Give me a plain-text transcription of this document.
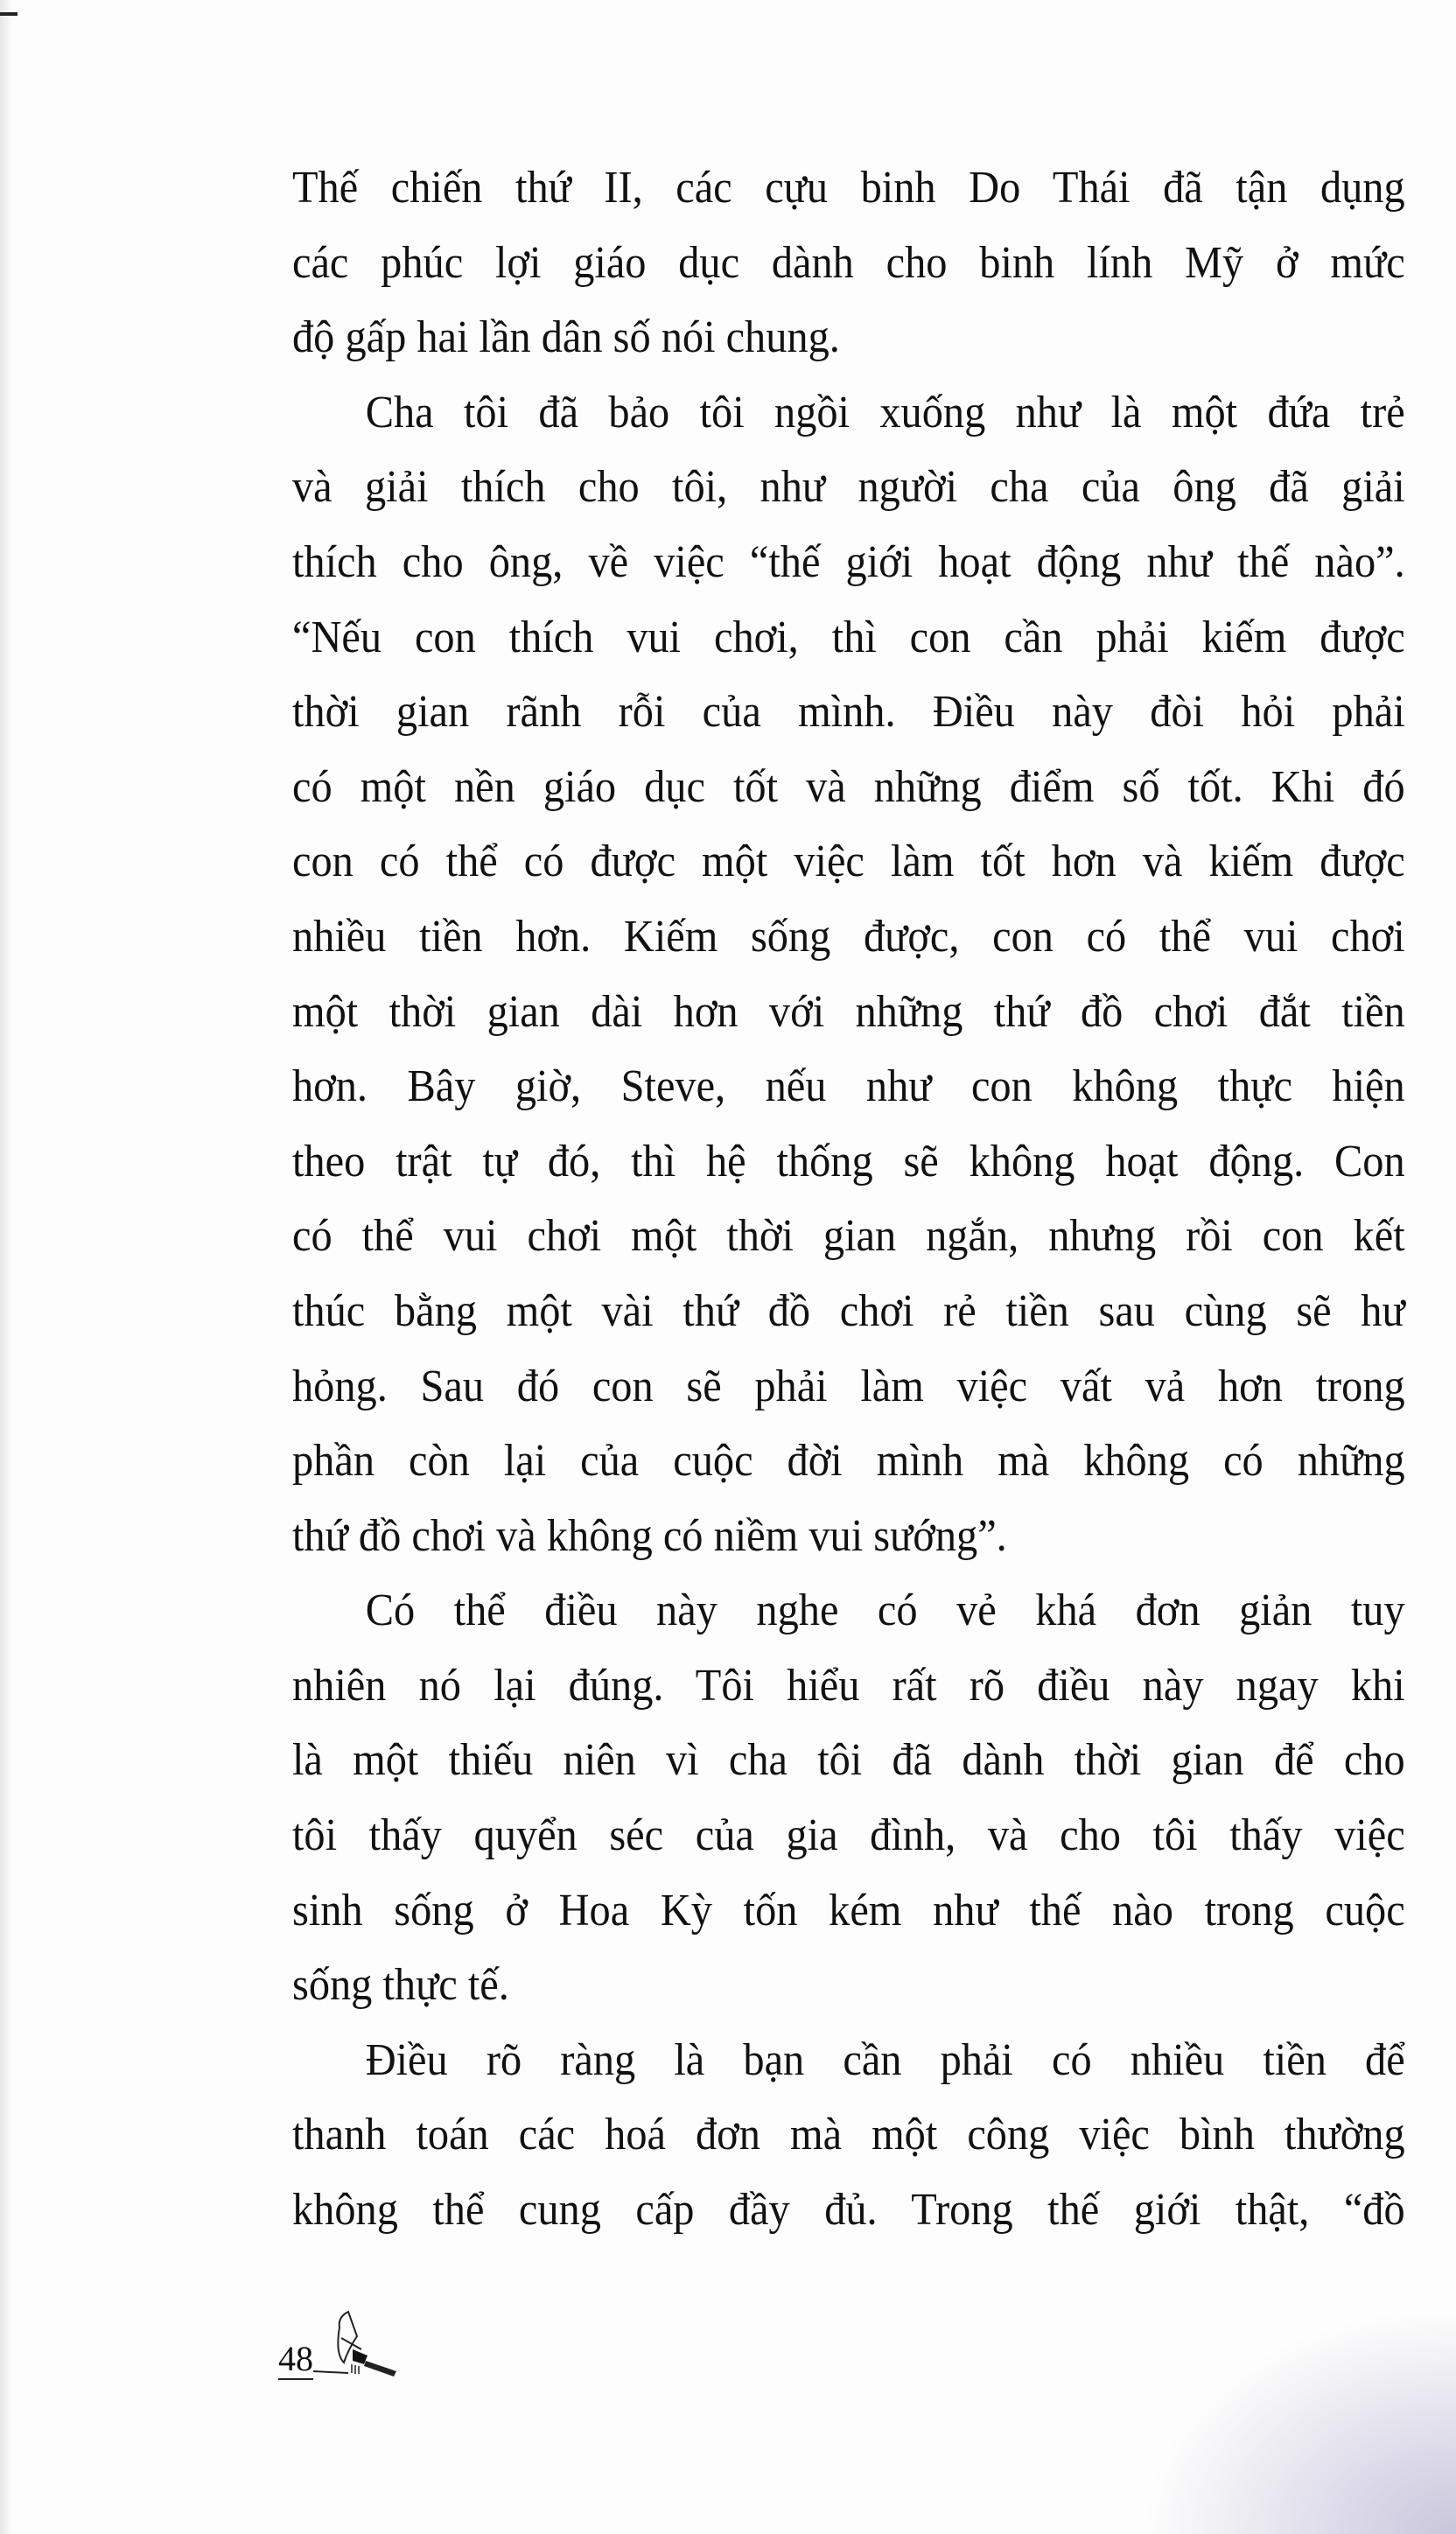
Thế chiến thứ II, các cựu binh Do Thái đã tận dụng
các phúc lợi giáo dục dành cho binh lính Mỹ ở mức
độ gấp hai lần dân số nói chung.
Cha tôi đã bảo tôi ngồi xuống như là một đứa trẻ
và giải thích cho tôi, như người cha của ông đã giải
thích cho ông, về việc “thế giới hoạt động như thế nào”.
“Nếu con thích vui chơi, thì con cần phải kiếm được
thời gian rãnh rỗi của mình. Điều này đòi hỏi phải
có một nền giáo dục tốt và những điểm số tốt. Khi đó
con có thể có được một việc làm tốt hơn và kiếm được
nhiều tiền hơn. Kiếm sống được, con có thể vui chơi
một thời gian dài hơn với những thứ đồ chơi đắt tiền
hơn. Bây giờ, Steve, nếu như con không thực hiện
theo trật tự đó, thì hệ thống sẽ không hoạt động. Con
có thể vui chơi một thời gian ngắn, nhưng rồi con kết
thúc bằng một vài thứ đồ chơi rẻ tiền sau cùng sẽ hư
hỏng. Sau đó con sẽ phải làm việc vất vả hơn trong
phần còn lại của cuộc đời mình mà không có những
thứ đồ chơi và không có niềm vui sướng”.
Có thể điều này nghe có vẻ khá đơn giản tuy
nhiên nó lại đúng. Tôi hiểu rất rõ điều này ngay khi
là một thiếu niên vì cha tôi đã dành thời gian để cho
tôi thấy quyển séc của gia đình, và cho tôi thấy việc
sinh sống ở Hoa Kỳ tốn kém như thế nào trong cuộc
sống thực tế.
Điều rõ ràng là bạn cần phải có nhiều tiền để
thanh toán các hoá đơn mà một công việc bình thường
không thể cung cấp đầy đủ. Trong thế giới thật, “đồ
48
